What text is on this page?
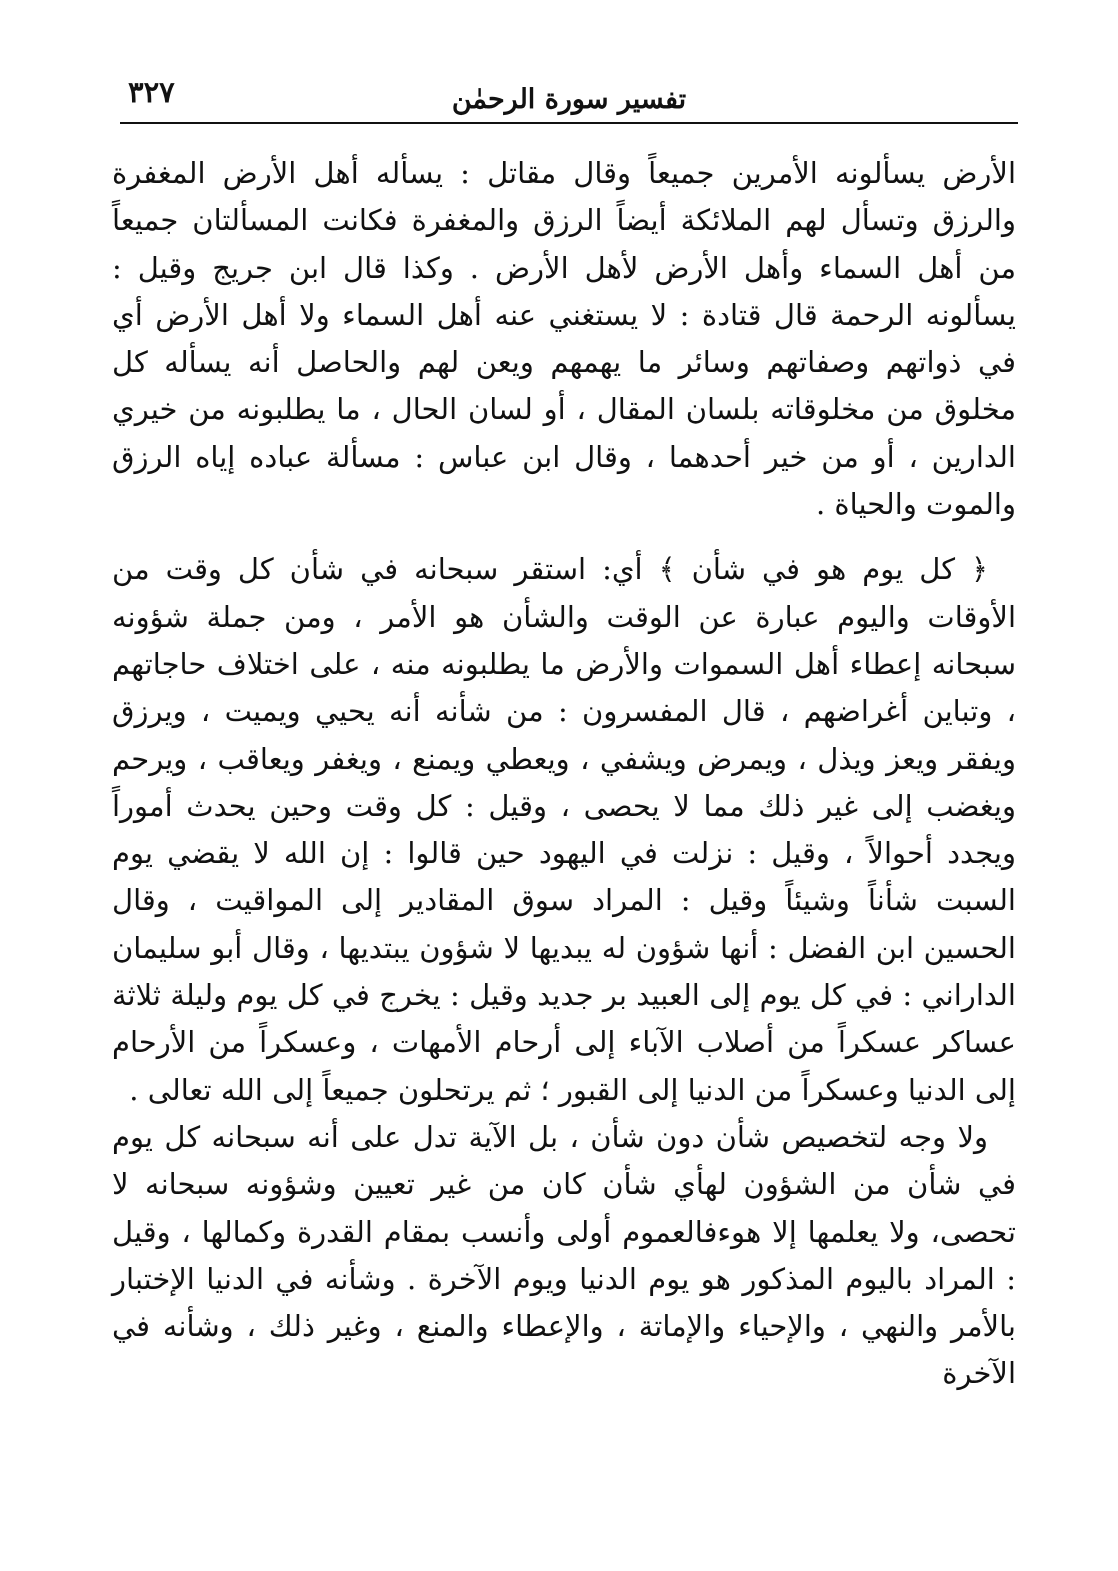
تفسير سورة الرحمٰن
٣٢٧

الأرض يسألونه الأمرين جميعاً وقال مقاتل : يسأله أهل الأرض المغفرة والرزق وتسأل لهم الملائكة أيضاً الرزق والمغفرة فكانت المسألتان جميعاً من أهل السماء وأهل الأرض لأهل الأرض . وكذا قال ابن جريج وقيل : يسألونه الرحمة قال قتادة : لا يستغني عنه أهل السماء ولا أهل الأرض أي في ذواتهم وصفاتهم وسائر ما يهمهم ويعن لهم والحاصل أنه يسأله كل مخلوق من مخلوقاته بلسان المقال ، أو لسان الحال ، ما يطلبونه من خيري الدارين ، أو من خير أحدهما ، وقال ابن عباس : مسألة عباده إياه الرزق والموت والحياة .

﴿ كل يوم هو في شأن ﴾ أي: استقر سبحانه في شأن كل وقت من الأوقات واليوم عبارة عن الوقت والشأن هو الأمر ، ومن جملة شؤونه سبحانه إعطاء أهل السموات والأرض ما يطلبونه منه ، على اختلاف حاجاتهم ، وتباين أغراضهم ، قال المفسرون : من شأنه أنه يحيي ويميت ، ويرزق ويفقر ويعز ويذل ، ويمرض ويشفي ، ويعطي ويمنع ، ويغفر ويعاقب ، ويرحم ويغضب إلى غير ذلك مما لا يحصى ، وقيل : كل وقت وحين يحدث أموراً ويجدد أحوالاً ، وقيل : نزلت في اليهود حين قالوا : إن الله لا يقضي يوم السبت شأناً وشيئاً وقيل : المراد سوق المقادير إلى المواقيت ، وقال الحسين ابن الفضل : أنها شؤون له يبديها لا شؤون يبتديها ، وقال أبو سليمان الداراني : في كل يوم إلى العبيد بر جديد وقيل : يخرج في كل يوم وليلة ثلاثة عساكر عسكراً من أصلاب الآباء إلى أرحام الأمهات ، وعسكراً من الأرحام إلى الدنيا وعسكراً من الدنيا إلى القبور ؛ ثم يرتحلون جميعاً إلى الله تعالى .

ولا وجه لتخصيص شأن دون شأن ، بل الآية تدل على أنه سبحانه كل يوم في شأن من الشؤون لهأي شأن كان من غير تعيين وشؤونه سبحانه لا تحصى، ولا يعلمها إلا هوءفالعموم أولى وأنسب بمقام القدرة وكمالها ، وقيل : المراد باليوم المذكور هو يوم الدنيا ويوم الآخرة . وشأنه في الدنيا الإختبار بالأمر والنهي ، والإحياء والإماتة ، والإعطاء والمنع ، وغير ذلك ، وشأنه في الآخرة
